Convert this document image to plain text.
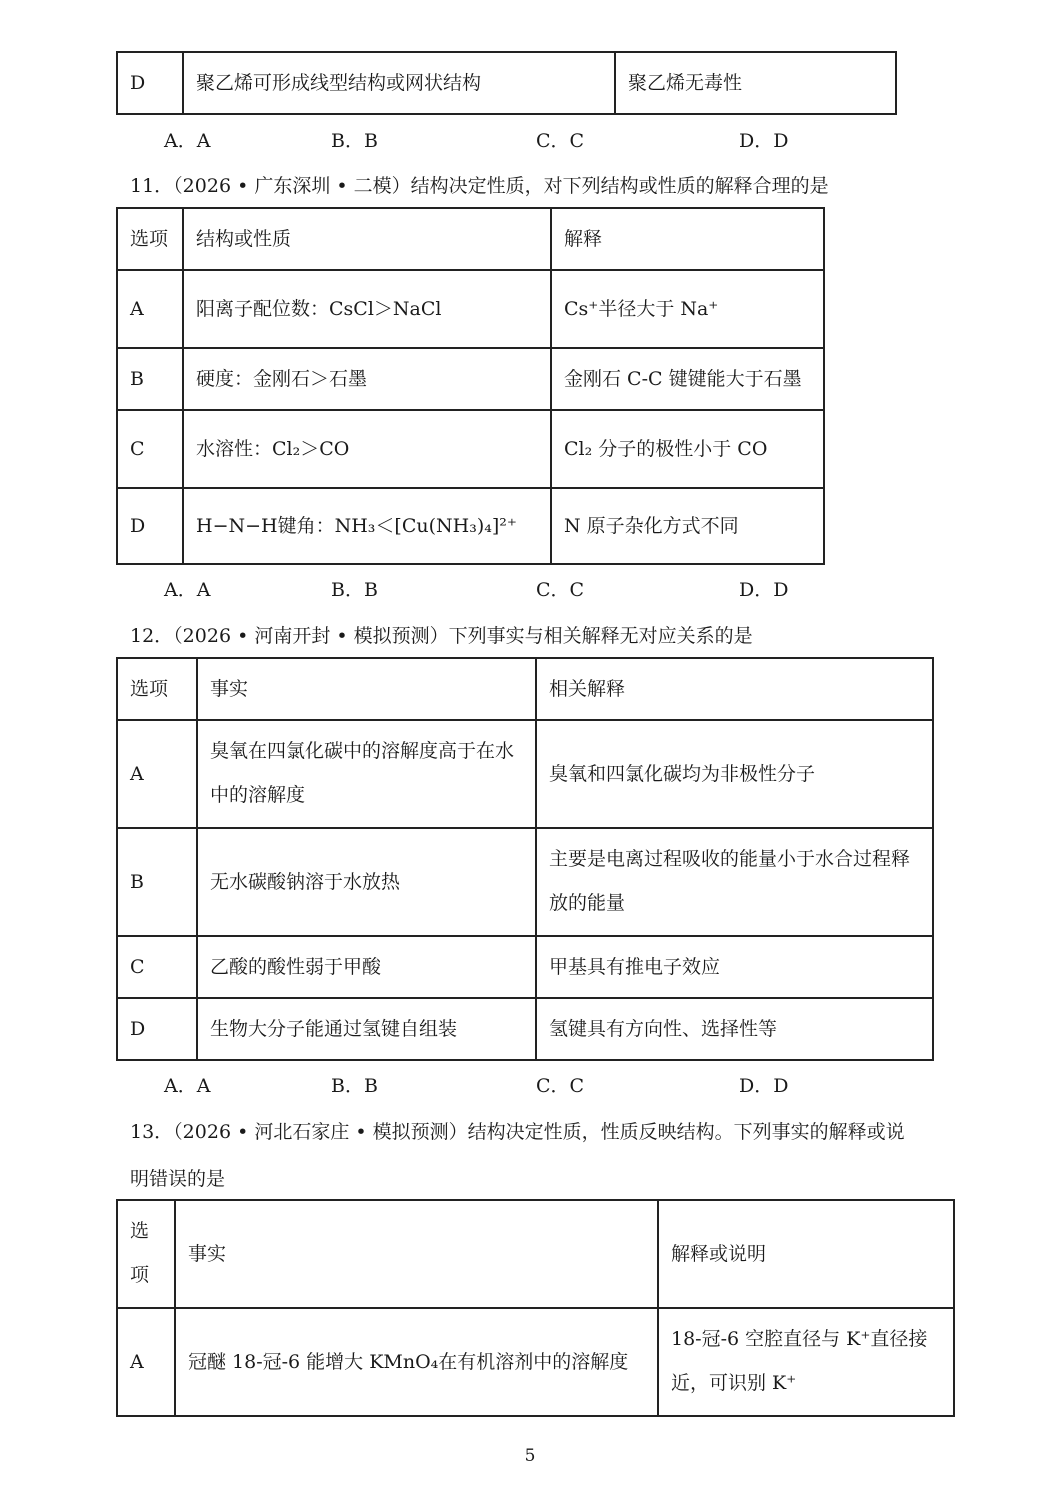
D	聚乙烯可形成线型结构或网状结构	聚乙烯无毒性
A．A	B．B	C．C	D．D
11．（2026 • 广东深圳 • 二模）结构决定性质，对下列结构或性质的解释合理的是
选项	结构或性质	解释
A	阳离子配位数：CsCl＞NaCl	Cs⁺半径大于 Na⁺
B	硬度：金刚石＞石墨	金刚石 C-C 键键能大于石墨
C	水溶性：Cl₂＞CO	Cl₂ 分子的极性小于 CO
D	H−N−H键角：NH₃＜[Cu(NH₃)₄]²⁺	N 原子杂化方式不同
A．A	B．B	C．C	D．D
12．（2026 • 河南开封 • 模拟预测）下列事实与相关解释无对应关系的是
选项	事实	相关解释
A	臭氧在四氯化碳中的溶解度高于在水中的溶解度	臭氧和四氯化碳均为非极性分子
B	无水碳酸钠溶于水放热	主要是电离过程吸收的能量小于水合过程释放的能量
C	乙酸的酸性弱于甲酸	甲基具有推电子效应
D	生物大分子能通过氢键自组装	氢键具有方向性、选择性等
A．A	B．B	C．C	D．D
13．（2026 • 河北石家庄 • 模拟预测）结构决定性质，性质反映结构。下列事实的解释或说
明错误的是
选项	事实	解释或说明
A	冠醚 18-冠-6 能增大 KMnO₄在有机溶剂中的溶解度	18-冠-6 空腔直径与 K⁺直径接近，可识别 K⁺
5
